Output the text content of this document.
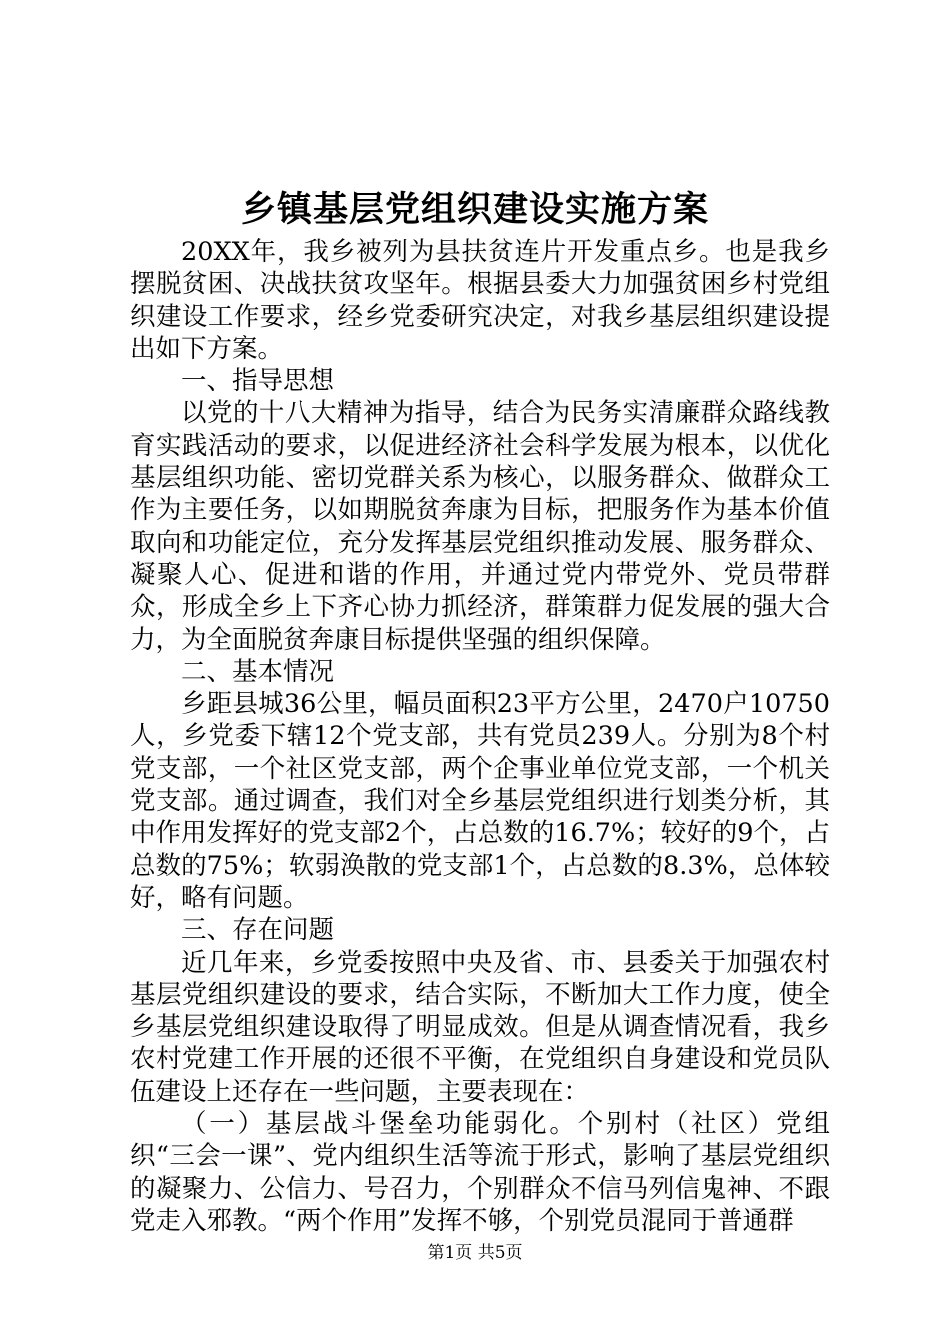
乡镇基层党组织建设实施方案

20XX年，我乡被列为县扶贫连片开发重点乡。也是我乡摆脱贫困、决战扶贫攻坚年。根据县委大力加强贫困乡村党组织建设工作要求，经乡党委研究决定，对我乡基层组织建设提出如下方案。

一、指导思想

以党的十八大精神为指导，结合为民务实清廉群众路线教育实践活动的要求，以促进经济社会科学发展为根本，以优化基层组织功能、密切党群关系为核心，以服务群众、做群众工作为主要任务，以如期脱贫奔康为目标，把服务作为基本价值取向和功能定位，充分发挥基层党组织推动发展、服务群众、凝聚人心、促进和谐的作用，并通过党内带党外、党员带群众，形成全乡上下齐心协力抓经济，群策群力促发展的强大合力，为全面脱贫奔康目标提供坚强的组织保障。

二、基本情况

乡距县城36公里，幅员面积23平方公里，2470户10750人，乡党委下辖12个党支部，共有党员239人。分别为8个村党支部，一个社区党支部，两个企事业单位党支部，一个机关党支部。通过调查，我们对全乡基层党组织进行划类分析，其中作用发挥好的党支部2个，占总数的16.7%；较好的9个，占总数的75%；软弱涣散的党支部1个，占总数的8.3%，总体较好，略有问题。

三、存在问题

近几年来，乡党委按照中央及省、市、县委关于加强农村基层党组织建设的要求，结合实际，不断加大工作力度，使全乡基层党组织建设取得了明显成效。但是从调查情况看，我乡农村党建工作开展的还很不平衡，在党组织自身建设和党员队伍建设上还存在一些问题，主要表现在：

（一）基层战斗堡垒功能弱化。个别村（社区）党组织“三会一课”、党内组织生活等流于形式，影响了基层党组织的凝聚力、公信力、号召力，个别群众不信马列信鬼神、不跟党走入邪教。“两个作用”发挥不够，个别党员混同于普通群

第1页 共5页
